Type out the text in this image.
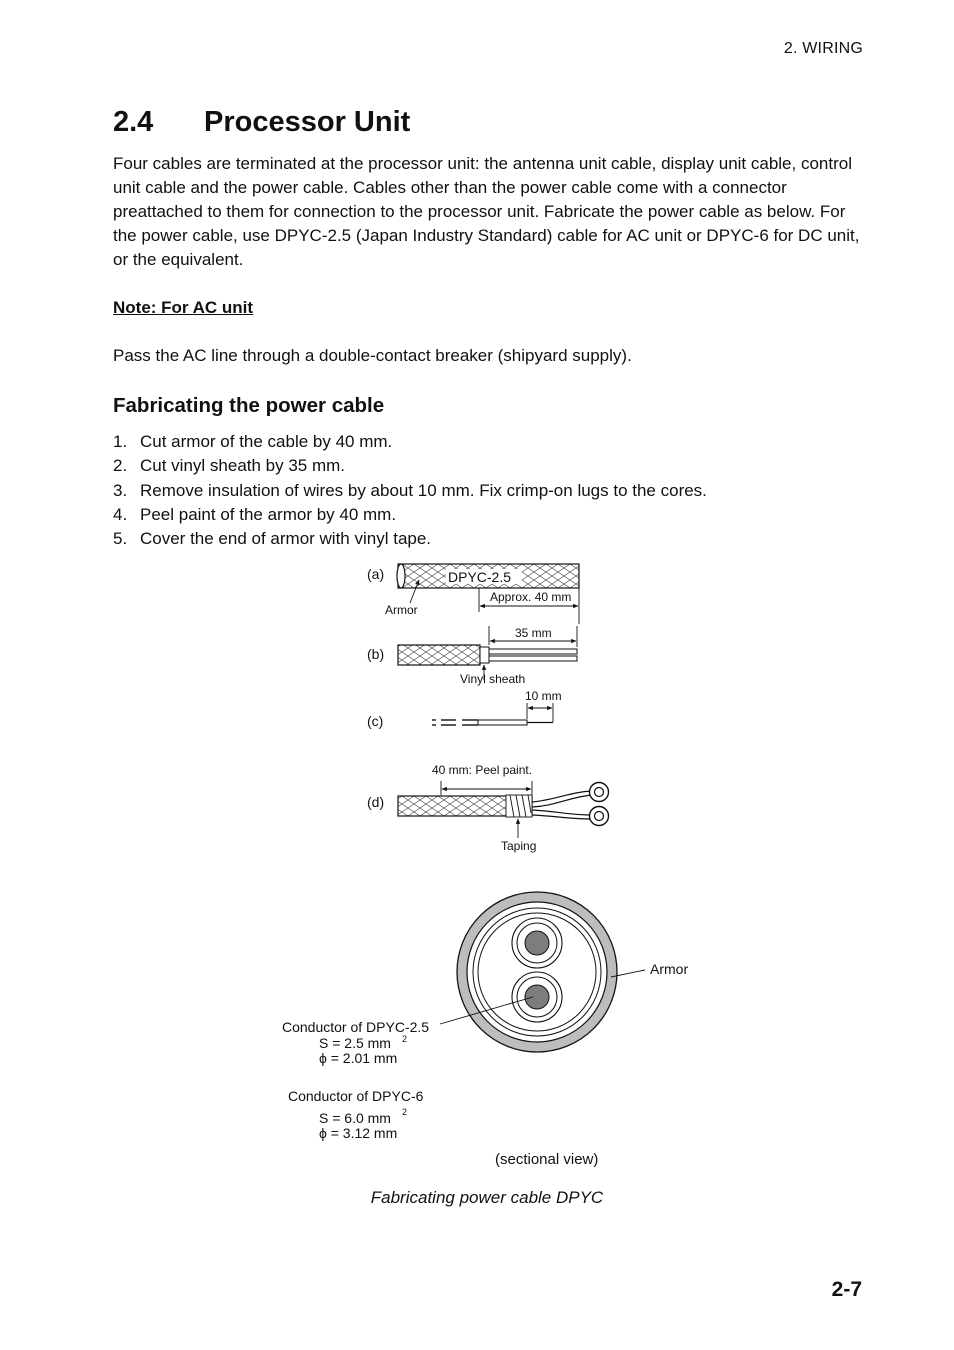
2. WIRING
2.4 Processor Unit
Four cables are terminated at the processor unit: the antenna unit cable, display unit cable, control unit cable and the power cable. Cables other than the power cable come with a connector preattached to them for connection to the processor unit. Fabricate the power cable as below. For the power cable, use DPYC-2.5 (Japan Industry Standard) cable for AC unit or DPYC-6 for DC unit, or the equivalent.
Note: For AC unit
Pass the AC line through a double-contact breaker (shipyard supply).
Fabricating the power cable
1. Cut armor of the cable by 40 mm.
2. Cut vinyl sheath by 35 mm.
3. Remove insulation of wires by about 10 mm. Fix crimp-on lugs to the cores.
4. Peel paint of the armor by 40 mm.
5. Cover the end of armor with vinyl tape.
(a)	DPYC-2.5
Armor
Approx. 40 mm
(b)
35 mm
Vinyl sheath
(c)
10 mm
(d)
40 mm: Peel paint.
Taping
Armor
Conductor of DPYC-2.5
S = 2.5 mm 2
ϕ = 2.01 mm
Conductor of DPYC-6
S = 6.0 mm 2
ϕ = 3.12 mm
(sectional view)
Fabricating power cable DPYC
2-7
